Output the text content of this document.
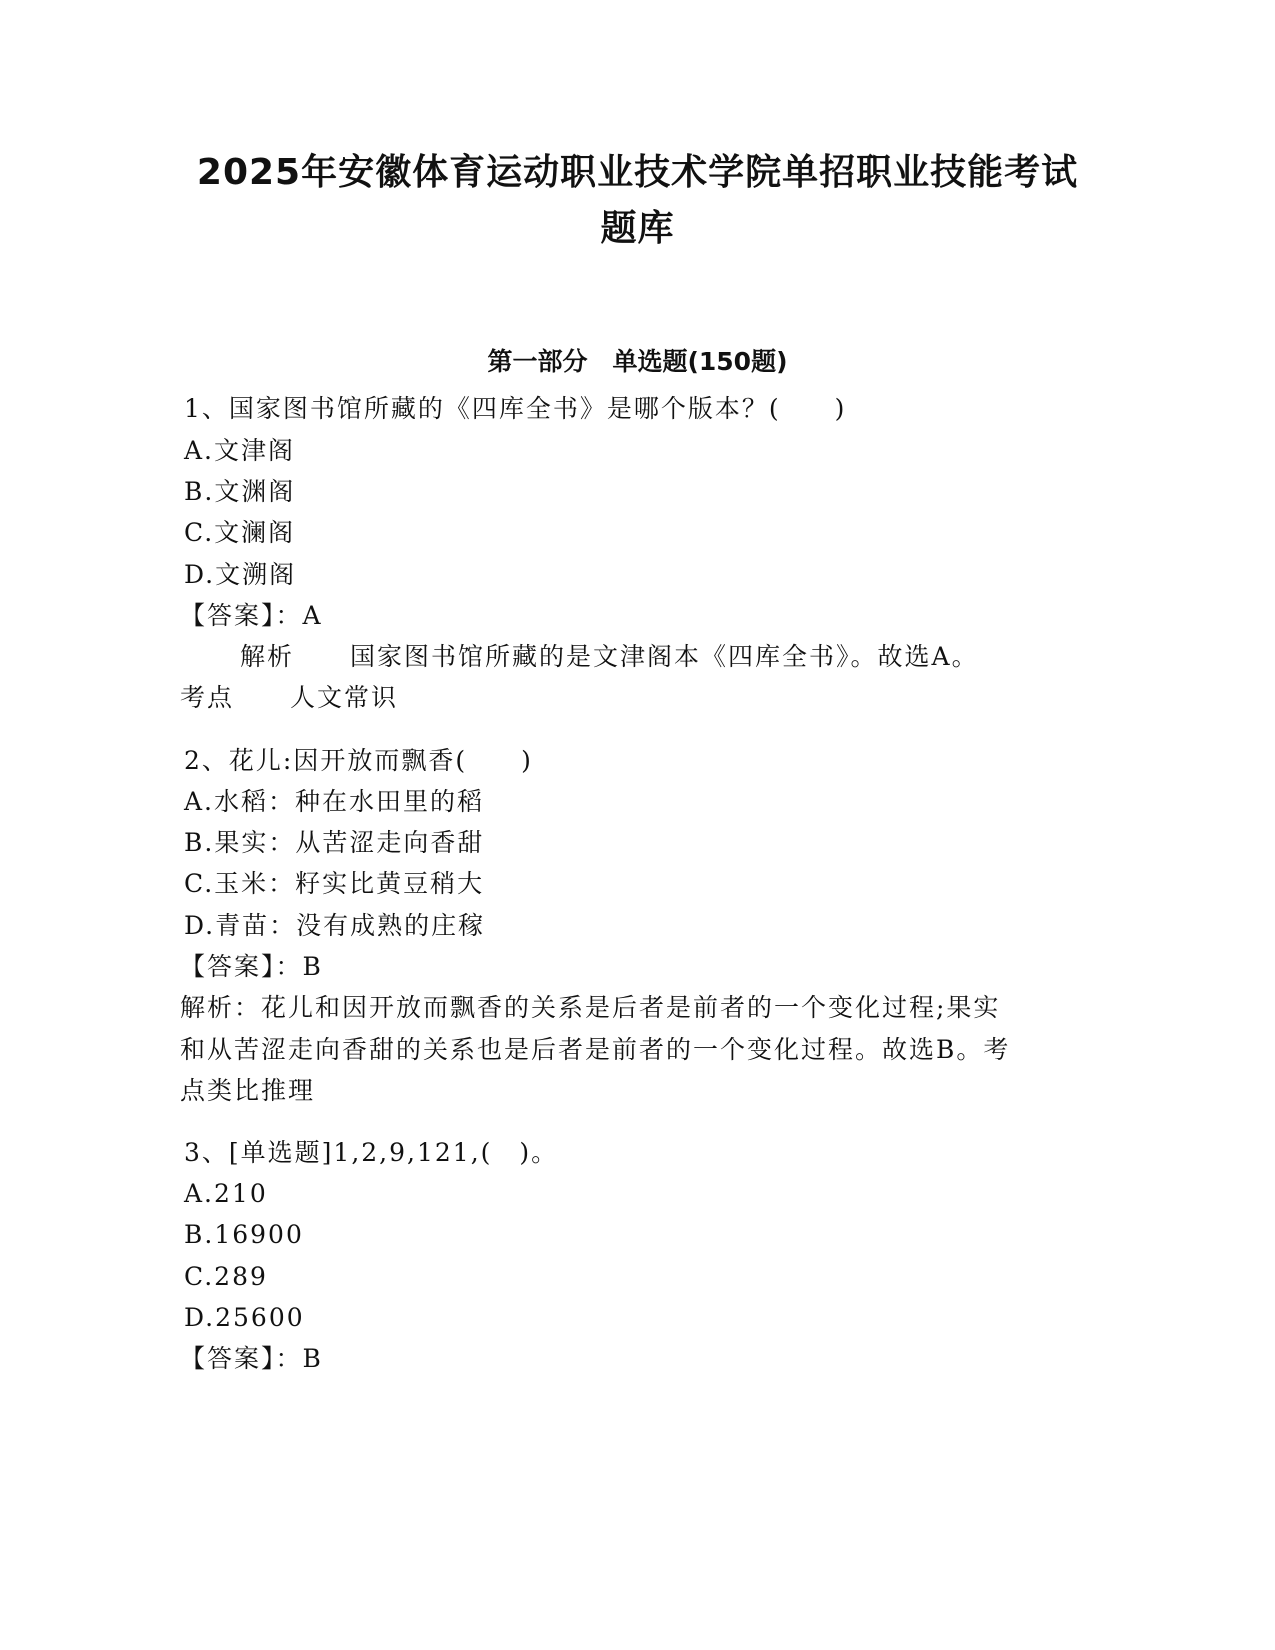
2025年安徽体育运动职业技术学院单招职业技能考试
题库
第一部分　单选题(150题)
1、国家图书馆所藏的《四库全书》是哪个版本？(　　)
A.文津阁
B.文渊阁
C.文澜阁
D.文溯阁
【答案】：A
解析 国家图书馆所藏的是文津阁本《四库全书》。故选A。
考点 人文常识
2、花儿:因开放而飘香(　　)
A.水稻：种在水田里的稻
B.果实：从苦涩走向香甜
C.玉米：籽实比黄豆稍大
D.青苗：没有成熟的庄稼
【答案】：B
解析：花儿和因开放而飘香的关系是后者是前者的一个变化过程;果实
和从苦涩走向香甜的关系也是后者是前者的一个变化过程。故选B。考
点类比推理
3、[单选题]1,2,9,121,(　)。
A.210
B.16900
C.289
D.25600
【答案】：B
